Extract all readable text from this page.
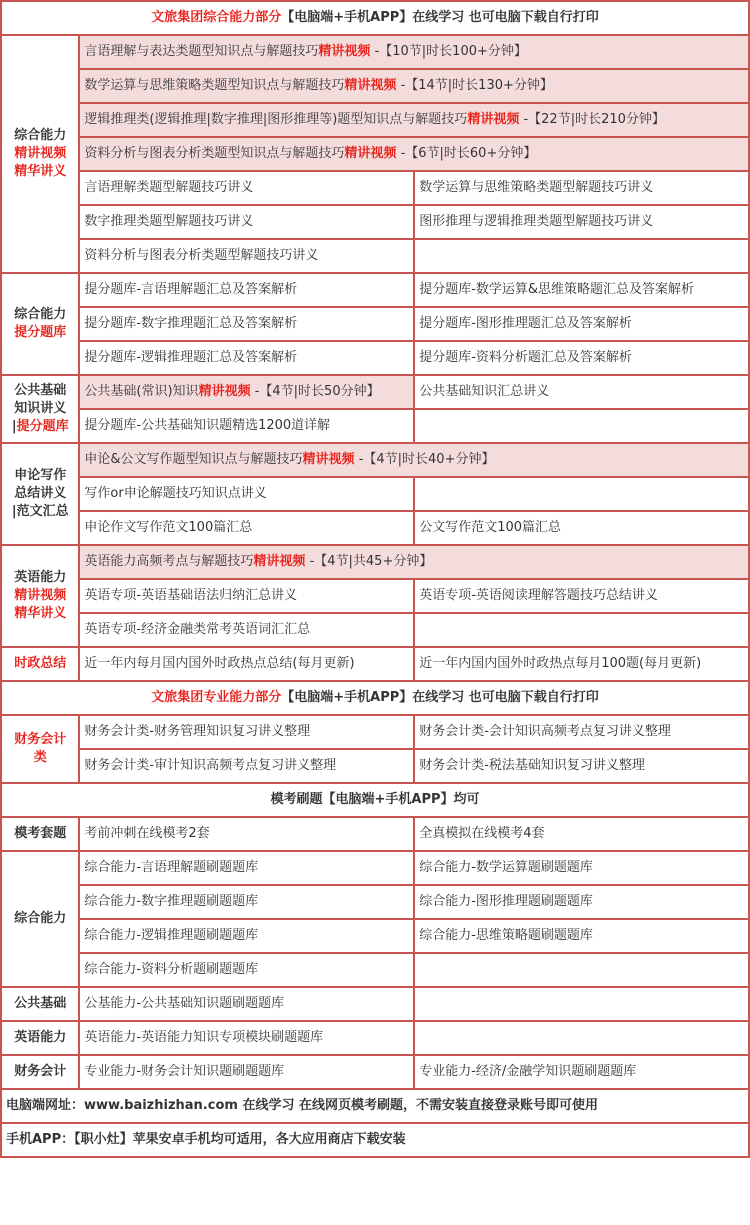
文旅集团综合能力部分【电脑端+手机APP】在线学习 也可电脑下载自行打印		
综合能力
精讲视频
精华讲义	言语理解与表达类题型知识点与解题技巧精讲视频 -【10节|时长100+分钟】	
	数学运算与思维策略类题型知识点与解题技巧精讲视频 -【14节|时长130+分钟】	
	逻辑推理类(逻辑推理|数字推理|图形推理等)题型知识点与解题技巧精讲视频 -【22节|时长210分钟】	
	资料分析与图表分析类题型知识点与解题技巧精讲视频 -【6节|时长60+分钟】	
	言语理解类题型解题技巧讲义	数学运算与思维策略类题型解题技巧讲义
	数字推理类题型解题技巧讲义	图形推理与逻辑推理类题型解题技巧讲义
	资料分析与图表分析类题型解题技巧讲义	
综合能力
提分题库	提分题库-言语理解题汇总及答案解析	提分题库-数学运算&思维策略题汇总及答案解析
	提分题库-数字推理题汇总及答案解析	提分题库-图形推理题汇总及答案解析
	提分题库-逻辑推理题汇总及答案解析	提分题库-资料分析题汇总及答案解析
公共基础
知识讲义
|提分题库	公共基础(常识)知识精讲视频 -【4节|时长50分钟】	公共基础知识汇总讲义
	提分题库-公共基础知识题精选1200道详解	
申论写作
总结讲义
|范文汇总	申论&公文写作题型知识点与解题技巧精讲视频 -【4节|时长40+分钟】	
	写作or申论解题技巧知识点讲义	
	申论作文写作范文100篇汇总	公文写作范文100篇汇总
英语能力
精讲视频
精华讲义	英语能力高频考点与解题技巧精讲视频 -【4节|共45+分钟】	
	英语专项-英语基础语法归纳汇总讲义	英语专项-英语阅读理解答题技巧总结讲义
	英语专项-经济金融类常考英语词汇汇总	
时政总结	近一年内每月国内国外时政热点总结(每月更新)	近一年内国内国外时政热点每月100题(每月更新)
文旅集团专业能力部分【电脑端+手机APP】在线学习 也可电脑下载自行打印		
财务会计
类	财务会计类-财务管理知识复习讲义整理	财务会计类-会计知识高频考点复习讲义整理
	财务会计类-审计知识高频考点复习讲义整理	财务会计类-税法基础知识复习讲义整理
模考刷题【电脑端+手机APP】均可		
模考套题	考前冲刺在线模考2套	全真模拟在线模考4套
综合能力	综合能力-言语理解题刷题题库	综合能力-数学运算题刷题题库
	综合能力-数字推理题刷题题库	综合能力-图形推理题刷题题库
	综合能力-逻辑推理题刷题题库	综合能力-思维策略题刷题题库
	综合能力-资料分析题刷题题库	
公共基础	公基能力-公共基础知识题刷题题库	
英语能力	英语能力-英语能力知识专项模块刷题题库	
财务会计	专业能力-财务会计知识题刷题题库	专业能力-经济/金融学知识题刷题题库
电脑端网址：www.baizhizhan.com 在线学习 在线网页模考刷题，不需安装直接登录账号即可使用		
手机APP：【职小灶】苹果安卓手机均可适用，各大应用商店下载安装		
